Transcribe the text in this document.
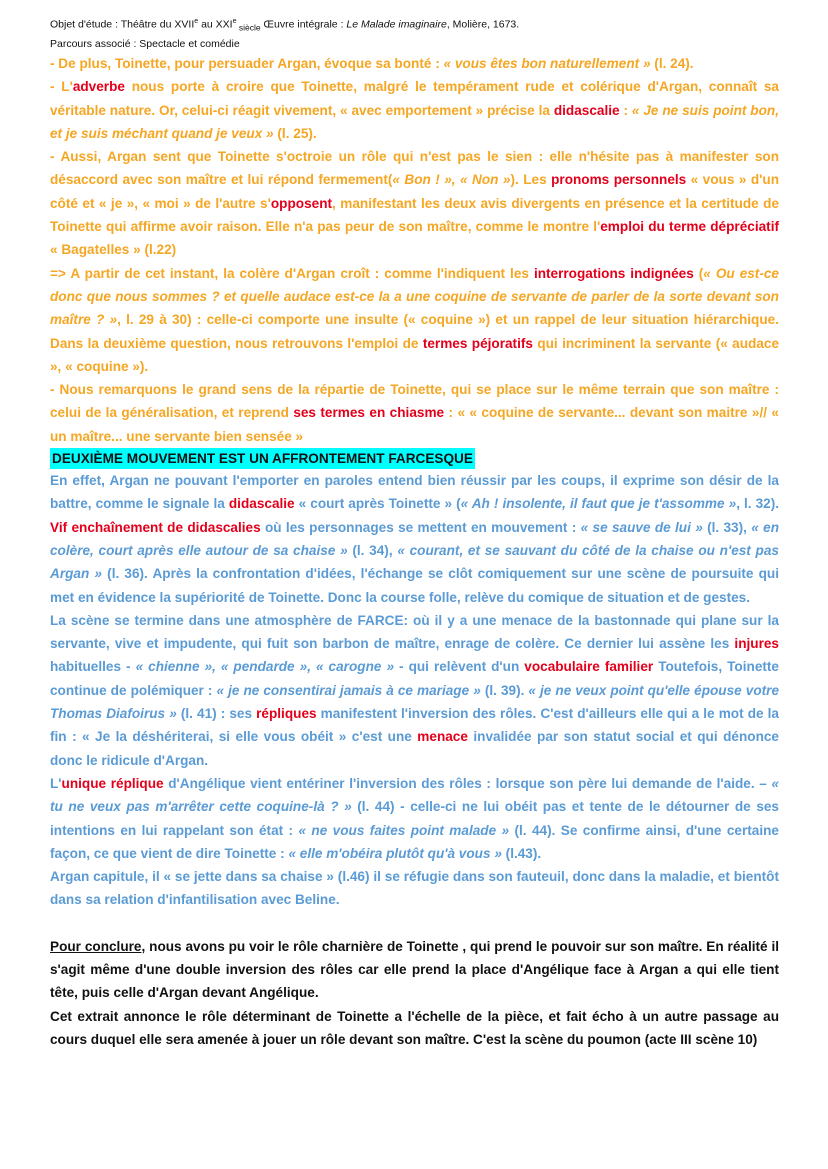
Objet d'étude : Théâtre du XVIIe au XXIe $_{siècle}$ Œuvre intégrale : Le Malade imaginaire, Molière, 1673.
Parcours associé : Spectacle et comédie

- De plus, Toinette, pour persuader Argan, évoque sa bonté : « vous êtes bon naturellement » (l. 24).

- L'adverbe nous porte à croire que Toinette, malgré le tempérament rude et colérique d'Argan, connaît sa véritable nature. Or, celui-ci réagit vivement, « avec emportement » précise la didascalie : « Je ne suis point bon, et je suis méchant quand je veux » (l. 25).

- Aussi, Argan sent que Toinette s'octroie un rôle qui n'est pas le sien : elle n'hésite pas à manifester son désaccord avec son maître et lui répond fermement(« Bon ! », « Non »). Les pronoms personnels « vous » d'un côté et « je », « moi » de l'autre s'opposent, manifestant les deux avis divergents en présence et la certitude de Toinette qui affirme avoir raison. Elle n'a pas peur de son maître, comme le montre l'emploi du terme dépréciatif « Bagatelles » (l.22)

=> A partir de cet instant, la colère d'Argan croît : comme l'indiquent les interrogations indignées (« Ou est-ce donc que nous sommes ? et quelle audace est-ce la a une coquine de servante de parler de la sorte devant son maître ? », l. 29 à 30) : celle-ci comporte une insulte (« coquine ») et un rappel de leur situation hiérarchique. Dans la deuxième question, nous retrouvons l'emploi de termes péjoratifs qui incriminent la servante (« audace », « coquine »).

- Nous remarquons le grand sens de la répartie de Toinette, qui se place sur le même terrain que son maître : celui de la généralisation, et reprend ses termes en chiasme : « « coquine de servante... devant son maitre »// « un maître... une servante bien sensée »

DEUXIÈME MOUVEMENT EST UN AFFRONTEMENT FARCESQUE

En effet, Argan ne pouvant l'emporter en paroles entend bien réussir par les coups, il exprime son désir de la battre, comme le signale la didascalie « court après Toinette » (« Ah ! insolente, il faut que je t'assomme », l. 32). Vif enchaînement de didascalies où les personnages se mettent en mouvement : « se sauve de lui » (l. 33), « en colère, court après elle autour de sa chaise » (l. 34), « courant, et se sauvant du côté de la chaise ou n'est pas Argan » (l. 36). Après la confrontation d'idées, l'échange se clôt comiquement sur une scène de poursuite qui met en évidence la supériorité de Toinette. Donc la course folle, relève du comique de situation et de gestes.

La scène se termine dans une atmosphère de FARCE: où il y a une menace de la bastonnade qui plane sur la servante, vive et impudente, qui fuit son barbon de maître, enrage de colère. Ce dernier lui assène les injures habituelles - « chienne », « pendarde », « carogne » - qui relèvent d'un vocabulaire familier Toutefois, Toinette continue de polémiquer : « je ne consentirai jamais à ce mariage » (l. 39). « je ne veux point qu'elle épouse votre Thomas Diafoirus » (l. 41) : ses répliques manifestent l'inversion des rôles. C'est d'ailleurs elle qui a le mot de la fin : « Je la déshériterai, si elle vous obéit » c'est une menace invalidée par son statut social et qui dénonce donc le ridicule d'Argan.

L'unique réplique d'Angélique vient entériner l'inversion des rôles : lorsque son père lui demande de l'aide. – « tu ne veux pas m'arrêter cette coquine-là ? » (l. 44) - celle-ci ne lui obéit pas et tente de le détourner de ses intentions en lui rappelant son état : « ne vous faites point malade » (l. 44). Se confirme ainsi, d'une certaine façon, ce que vient de dire Toinette : « elle m'obéira plutôt qu'à vous » (l.43).

Argan capitule, il « se jette dans sa chaise » (l.46) il se réfugie dans son fauteuil, donc dans la maladie, et bientôt dans sa relation d'infantilisation avec Beline.

Pour conclure, nous avons pu voir le rôle charnière de Toinette , qui prend le pouvoir sur son maître. En réalité il s'agit même d'une double inversion des rôles car elle prend la place d'Angélique face à Argan a qui elle tient tête, puis celle d'Argan devant Angélique.

Cet extrait annonce le rôle déterminant de Toinette a l'échelle de la pièce, et fait écho à un autre passage au cours duquel elle sera amenée à jouer un rôle devant son maître. C'est la scène du poumon (acte III scène 10)
